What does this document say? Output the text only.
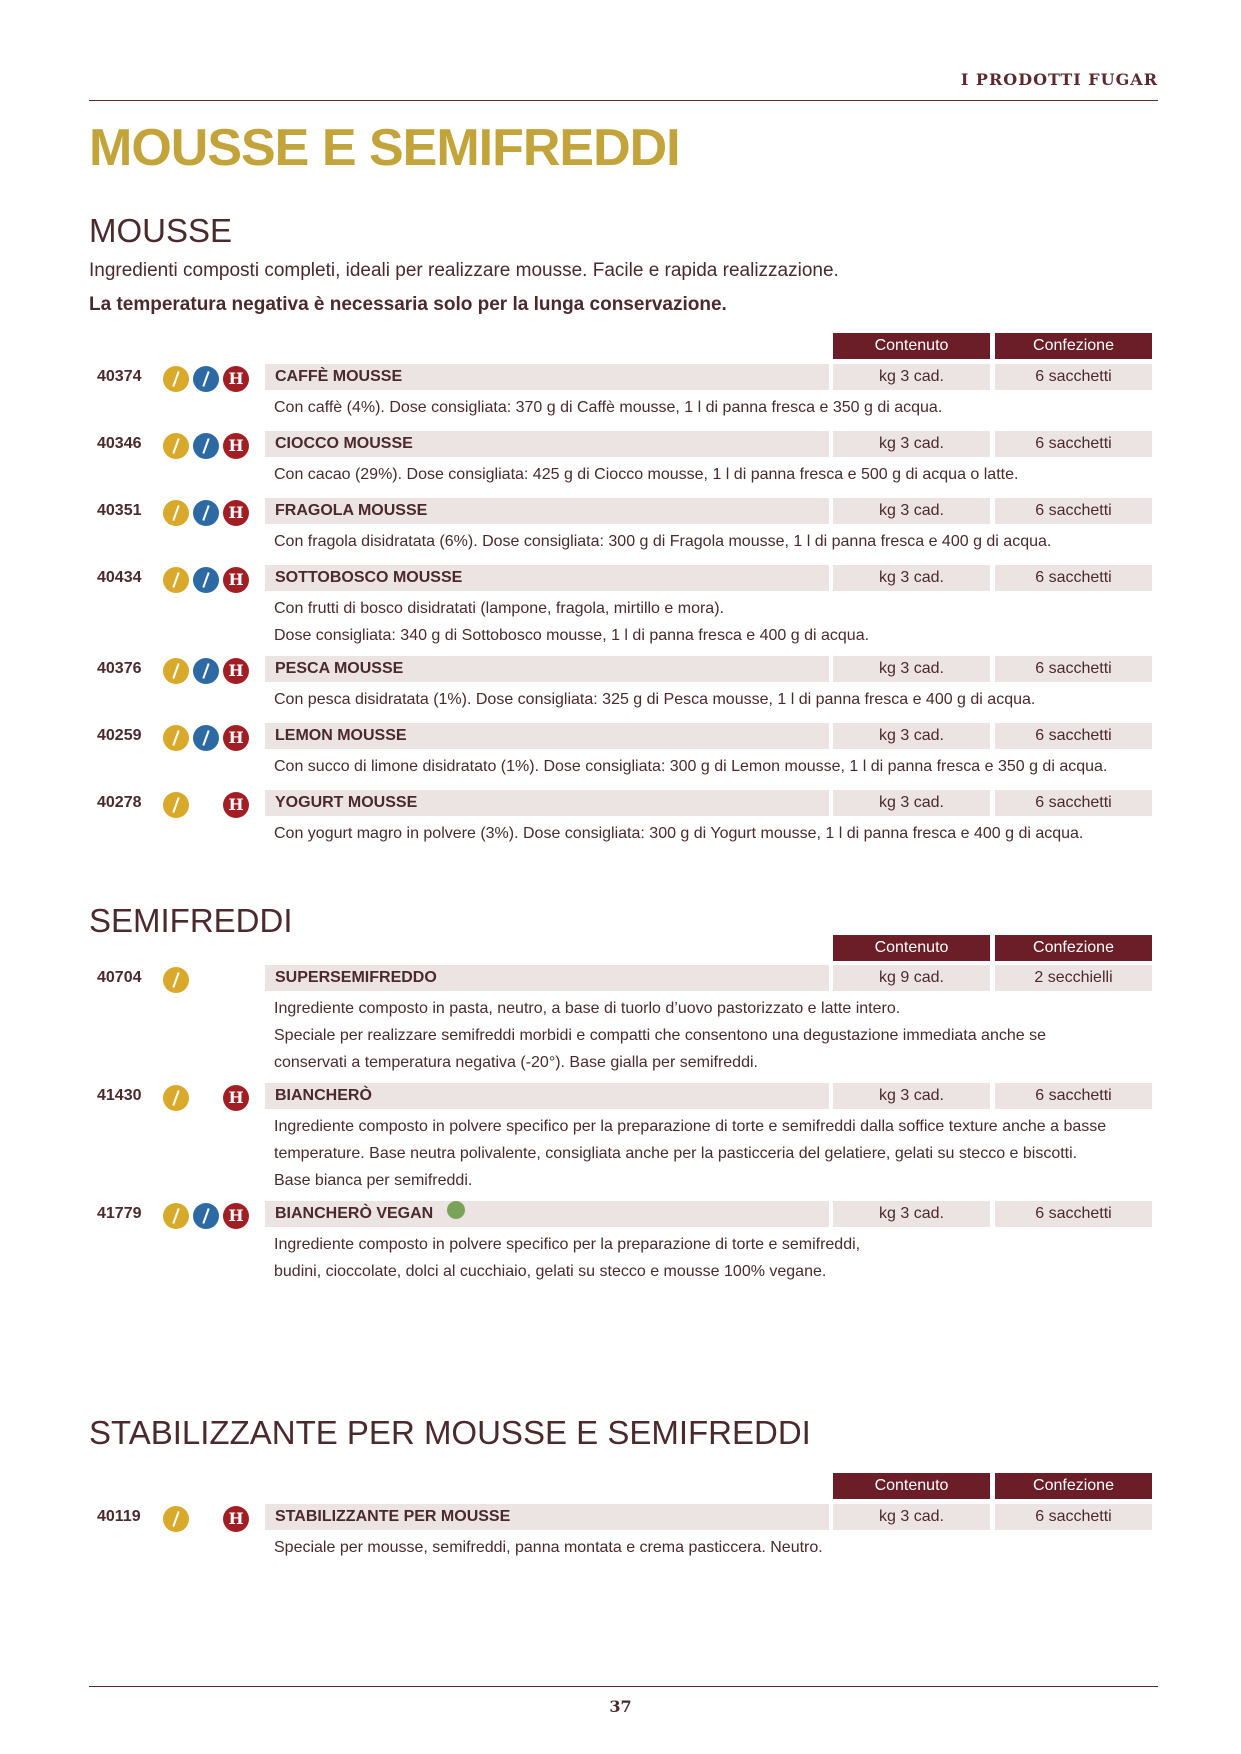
I PRODOTTI FUGAR
MOUSSE E SEMIFREDDI
MOUSSE
Ingredienti composti completi, ideali per realizzare mousse. Facile e rapida realizzazione.
La temperatura negativa è necessaria solo per la lunga conservazione.
Contenuto	Confezione
40374	H	CAFFÈ MOUSSE	kg 3 cad.	6 sacchetti
Con caffè (4%). Dose consigliata: 370 g di Caffè mousse, 1 l di panna fresca e 350 g di acqua.
40346	H	CIOCCO MOUSSE	kg 3 cad.	6 sacchetti
Con cacao (29%). Dose consigliata: 425 g di Ciocco mousse, 1 l di panna fresca e 500 g di acqua o latte.
40351	H	FRAGOLA MOUSSE	kg 3 cad.	6 sacchetti
Con fragola disidratata (6%). Dose consigliata: 300 g di Fragola mousse, 1 l di panna fresca e 400 g di acqua.
40434	H	SOTTOBOSCO MOUSSE	kg 3 cad.	6 sacchetti
Con frutti di bosco disidratati (lampone, fragola, mirtillo e mora).
Dose consigliata: 340 g di Sottobosco mousse, 1 l di panna fresca e 400 g di acqua.
40376	H	PESCA MOUSSE	kg 3 cad.	6 sacchetti
Con pesca disidratata (1%). Dose consigliata: 325 g di Pesca mousse, 1 l di panna fresca e 400 g di acqua.
40259	H	LEMON MOUSSE	kg 3 cad.	6 sacchetti
Con succo di limone disidratato (1%). Dose consigliata: 300 g di Lemon mousse, 1 l di panna fresca e 350 g di acqua.
40278	H	YOGURT MOUSSE	kg 3 cad.	6 sacchetti
Con yogurt magro in polvere (3%). Dose consigliata: 300 g di Yogurt mousse, 1 l di panna fresca e 400 g di acqua.
SEMIFREDDI
Contenuto	Confezione
40704	SUPERSEMIFREDDO	kg 9 cad.	2 secchielli
Ingrediente composto in pasta, neutro, a base di tuorlo d’uovo pastorizzato e latte intero.
Speciale per realizzare semifreddi morbidi e compatti che consentono una degustazione immediata anche se
conservati a temperatura negativa (-20°). Base gialla per semifreddi.
41430	H	BIANCHERÒ	kg 3 cad.	6 sacchetti
Ingrediente composto in polvere specifico per la preparazione di torte e semifreddi dalla soffice texture anche a basse
temperature. Base neutra polivalente, consigliata anche per la pasticceria del gelatiere, gelati su stecco e biscotti.
Base bianca per semifreddi.
41779	H	BIANCHERÒ VEGAN	kg 3 cad.	6 sacchetti
Ingrediente composto in polvere specifico per la preparazione di torte e semifreddi,
budini, cioccolate, dolci al cucchiaio, gelati su stecco e mousse 100% vegane.
STABILIZZANTE PER MOUSSE E SEMIFREDDI
Contenuto	Confezione
40119	H	STABILIZZANTE PER MOUSSE	kg 3 cad.	6 sacchetti
Speciale per mousse, semifreddi, panna montata e crema pasticcera. Neutro.
37
